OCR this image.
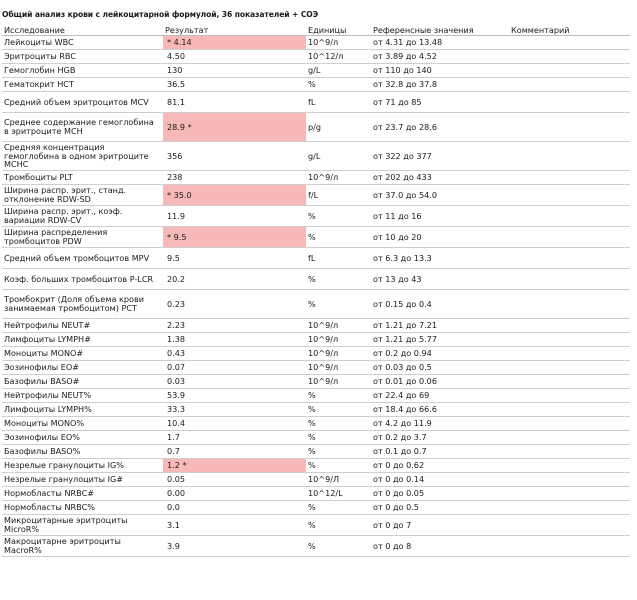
Общий анализ крови с лейкоцитарной формулой, 36 показателей + СОЭ
Исследование	Результат	Единицы	Референсные значения	Комментарий
Лейкоциты WBC	* 4.14	10^9/л	от 4.31 до 13.48	
Эритроциты RBC	4.50	10^12/л	от 3.89 до 4.52	
Гемоглобин HGB	130	g/L	от 110 до 140	
Гематокрит HCT	36.5	%	от 32.8 до 37.8	
Средний объем эритроцитов MCV	81.1	fL	от 71 до 85	
Среднее содержание гемоглобина в эритроците MCH	28.9 *	p/g	от 23.7 до 28.6	
Средняя концентрация гемоглобина в одном эритроците MCHC	356	g/L	от 322 до 377	
Тромбоциты PLT	238	10^9/л	от 202 до 433	
Ширина распр. эрит., станд. отклонение RDW-SD	* 35.0	f/L	от 37.0 до 54.0	
Ширина распр. эрит., коэф. вариации RDW-CV	11.9	%	от 11 до 16	
Ширина распределения тромбоцитов PDW	* 9.5	%	от 10 до 20	
Средний объем тромбоцитов MPV	9.5	fL	от 6.3 до 13.3	
Коэф. больших тромбоцитов P-LCR	20.2	%	от 13 до 43	
Тромбокрит (Доля объема крови занимаемая тромбоцитом) PCT	0.23	%	от 0.15 до 0.4	
Нейтрофилы NEUT#	2.23	10^9/л	от 1.21 до 7.21	
Лимфоциты LYMPH#	1.38	10^9/л	от 1.21 до 5.77	
Моноциты MONO#	0.43	10^9/л	от 0.2 до 0.94	
Эозинофилы EO#	0.07	10^9/л	от 0.03 до 0.5	
Базофилы BASO#	0.03	10^9/л	от 0.01 до 0.06	
Нейтрофилы NEUT%	53.9	%	от 22.4 до 69	
Лимфоциты LYMPH%	33.3	%	от 18.4 до 66.6	
Моноциты MONO%	10.4	%	от 4.2 до 11.9	
Эозинофилы EO%	1.7	%	от 0.2 до 3.7	
Базофилы BASO%	0.7	%	от 0.1 до 0.7	
Незрелые гранулоциты IG%	1.2 *	%	от 0 до 0.62	
Незрелые гранулоциты IG#	0.05	10^9/Л	от 0 до 0.14	
Нормобласты NRBC#	0.00	10^12/L	от 0 до 0.05	
Нормобласты NRBC%	0.0	%	от 0 до 0.5	
Микроцитарные эритроциты MicroR%	3.1	%	от 0 до 7	
Макроцитарне эритроциты MacroR%	3.9	%	от 0 до 8	
